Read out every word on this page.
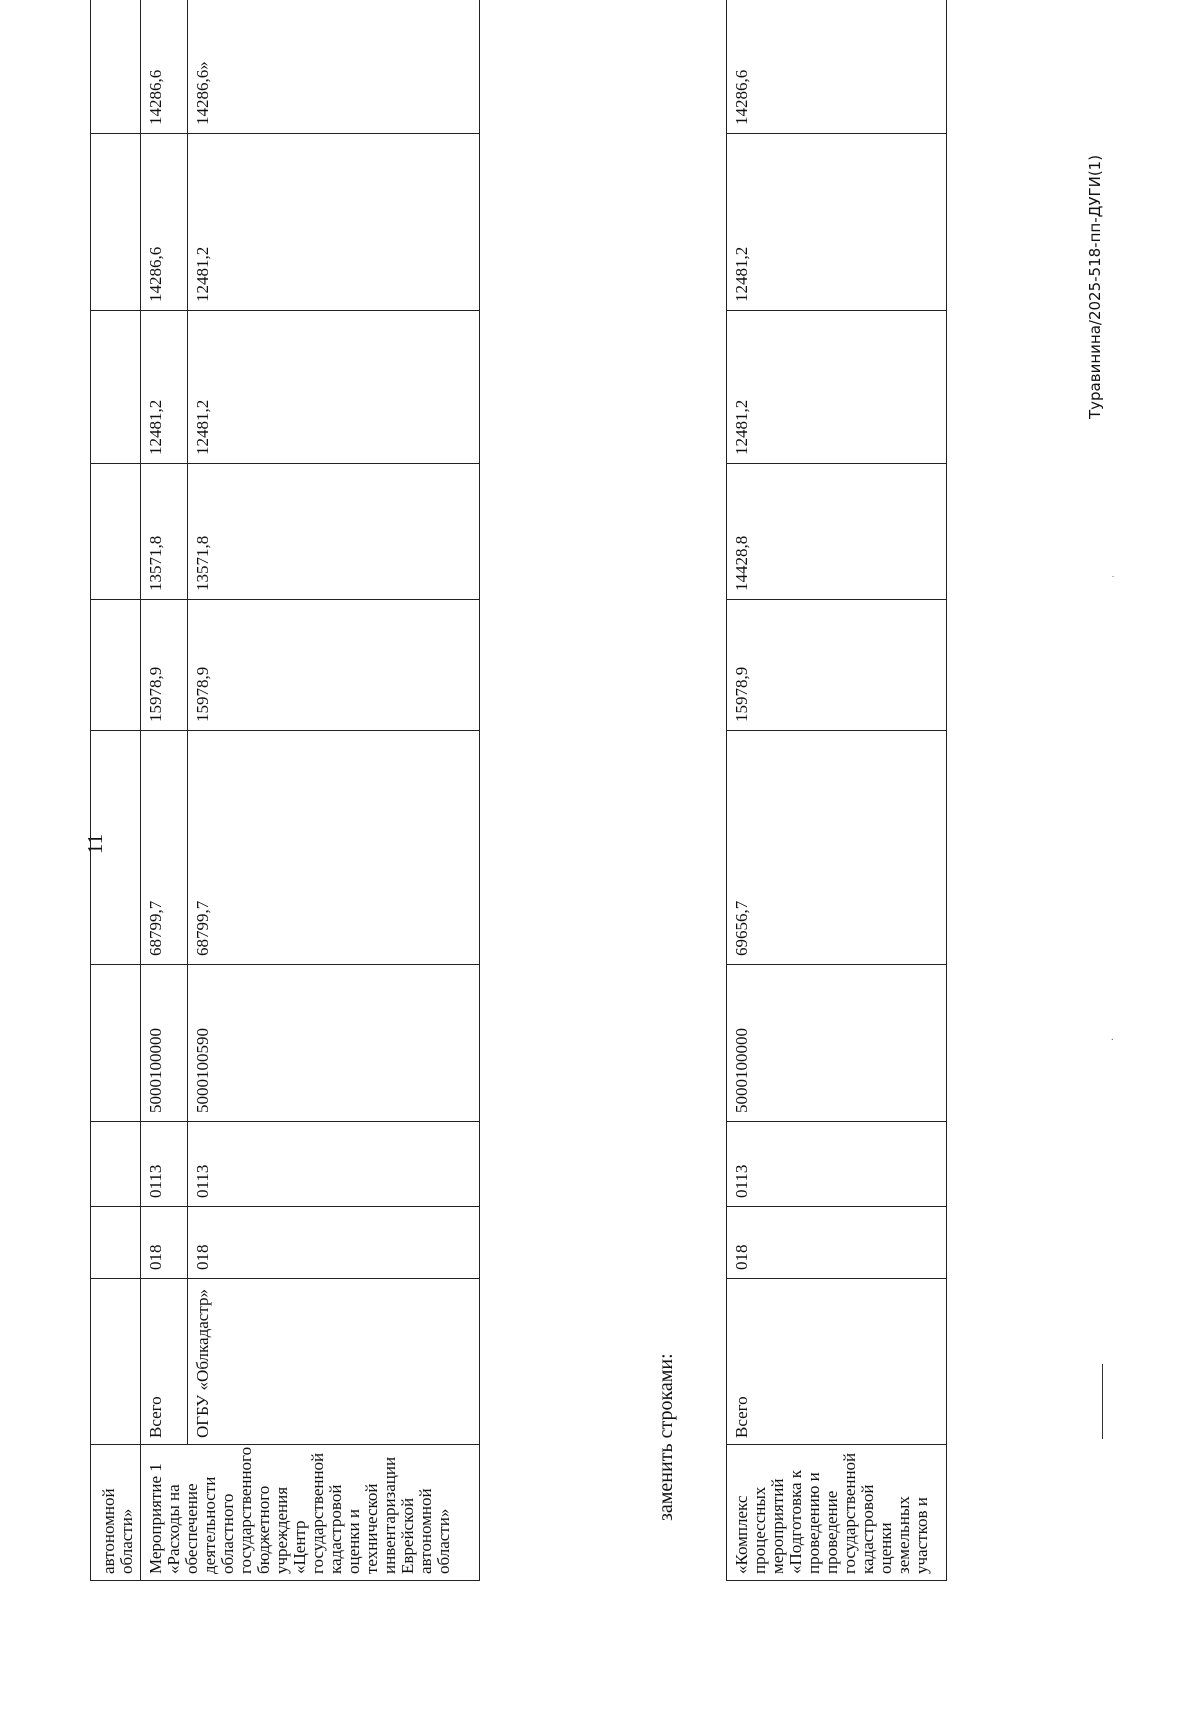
11
автономной области»										
Мероприятие 1 «Расходы на обеспечение деятельности областного государственного бюджетного учреждения «Центр государственной кадастровой оценки и технической инвентаризации Еврейской автономной области»	Всего	018	0113	5000100000	68799,7	15978,9	13571,8	12481,2	14286,6	14286,6
	ОГБУ «Облкадастр»	018	0113	5000100590	68799,7	15978,9	13571,8	12481,2	12481,2	14286,6»
заменить строками:
«Комплекс процессных мероприятий «Подготовка к проведению и проведение государственной кадастровой оценки земельных участков и	Всего	018	0113	5000100000	69656,7	15978,9	14428,8	12481,2	12481,2	14286,6
˙
·
Туравинина/2025-518-пп-ДУГИ(1)
